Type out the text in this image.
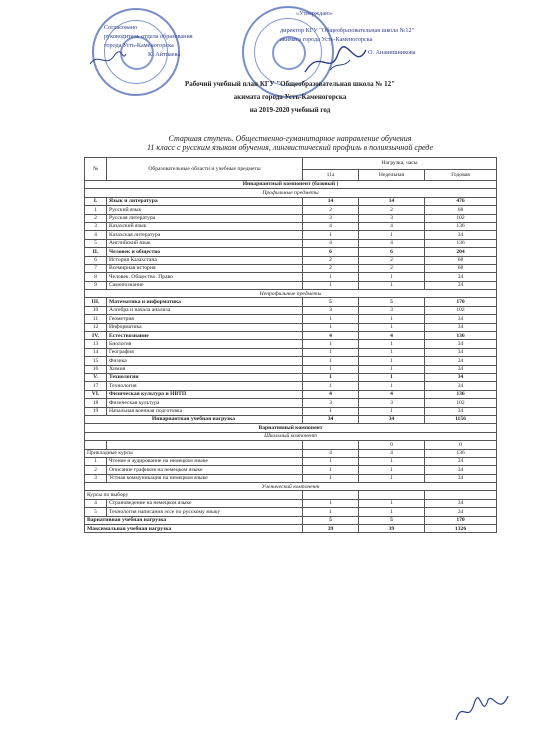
Согласовано
руководитель отдела образования
города Усть-Каменогорска
К. Айтпаева
«Утверждаю»
директор КГУ "Общеобразовательная школа №12"
акимата города Усть-Каменогорска
О. Ананишникова
Рабочий учебный план КГУ "Общеобразовательная школа № 12"
акимата города Усть-Каменогорска
на 2019-2020 учебный год
Старшая ступень. Общественно-гуманитарное направление обучения
11 класс с русским языком обучения, лингвистический профиль в полиязычной среде
№	Образовательные области и учебные предметы	Нагрузка, часы		
		11а	Недельная	Годовая
Инвариантный компонент (базовый )				
Профильные предметы				
I.	Язык и литература	14	14	476
1	Русский язык	2	2	68
2	Русская литература	3	3	102
3	Казахский язык	4	4	136
4	Казахская литература	1	1	34
5	Английский язык	4	4	136
II.	Человек и общество	6	6	204
6	История Казахстана	2	2	68
7	Всемирная история	2	2	68
8	Человек. Общество. Право	1	1	34
9	Самопознание	1	1	34
Непрофильные предметы				
III.	Математика и информатика	5	5	170
10	Алгебра и начала анализа	3	3	102
11	Геометрия	1	1	34
12	Информатика	1	1	34
IV.	Естествознание	4	4	136
13	Биология	1	1	34
14	География	1	1	34
15	Физика	1	1	34
16	Химия	1	1	34
V.	Технологии	1	1	34
17	Технология	1	1	34
VI.	Физическая культура и НВТП	4	4	136
18	Физическая культура	3	3	102
19	Начальная военная подготовка	1	1	34
Инвариантная учебная нагрузка		34	34	1156
Вариативный компонент				
Школьный компонент				
			0	0
Прикладные курсы		4	4	136
1	Чтение и аудирование на немецком языке	1	1	34
2	Описание графиков на немецком языке	1	1	34
3	Устная коммуникация на немецком языке	1	1	34
Ученический компонент				
Курсы по выбору				
4	Страноведение на немецком языке	1	1	34
5	Технология написания эссе по русскому языку	1	1	34
Вариативная учебная нагрузка		5	5	170
Максимальная учебная нагрузка		39	39	1326
